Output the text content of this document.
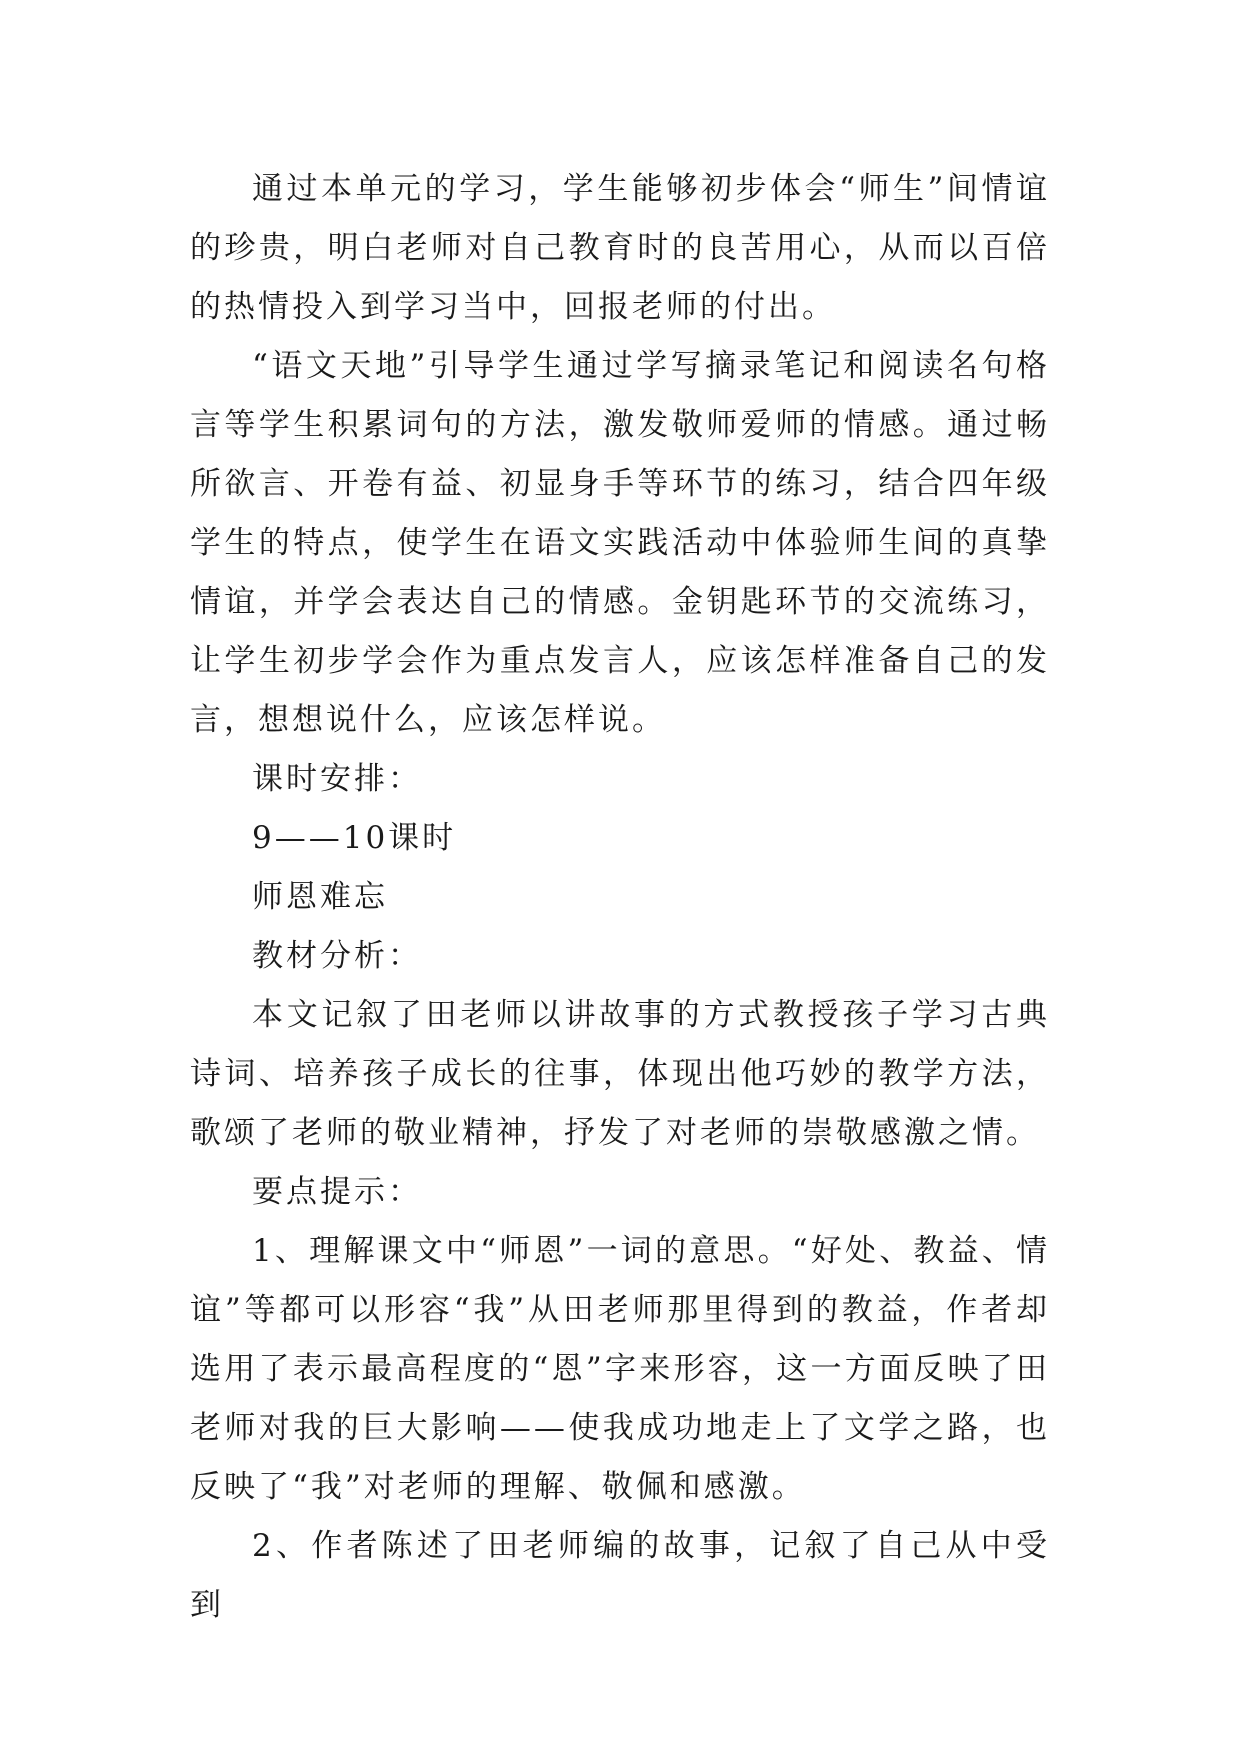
通过本单元的学习，学生能够初步体会“师生”间情谊的珍贵，明白老师对自己教育时的良苦用心，从而以百倍的热情投入到学习当中，回报老师的付出。

“语文天地”引导学生通过学写摘录笔记和阅读名句格言等学生积累词句的方法，激发敬师爱师的情感。通过畅所欲言、开卷有益、初显身手等环节的练习，结合四年级学生的特点，使学生在语文实践活动中体验师生间的真挚情谊，并学会表达自己的情感。金钥匙环节的交流练习，让学生初步学会作为重点发言人，应该怎样准备自己的发言，想想说什么，应该怎样说。

课时安排：

9——10课时

师恩难忘

教材分析：

本文记叙了田老师以讲故事的方式教授孩子学习古典诗词、培养孩子成长的往事，体现出他巧妙的教学方法，歌颂了老师的敬业精神，抒发了对老师的崇敬感激之情。

要点提示：

1、理解课文中“师恩”一词的意思。“好处、教益、情谊”等都可以形容“我”从田老师那里得到的教益，作者却选用了表示最高程度的“恩”字来形容，这一方面反映了田老师对我的巨大影响——使我成功地走上了文学之路，也反映了“我”对老师的理解、敬佩和感激。

2、作者陈述了田老师编的故事，记叙了自己从中受到
